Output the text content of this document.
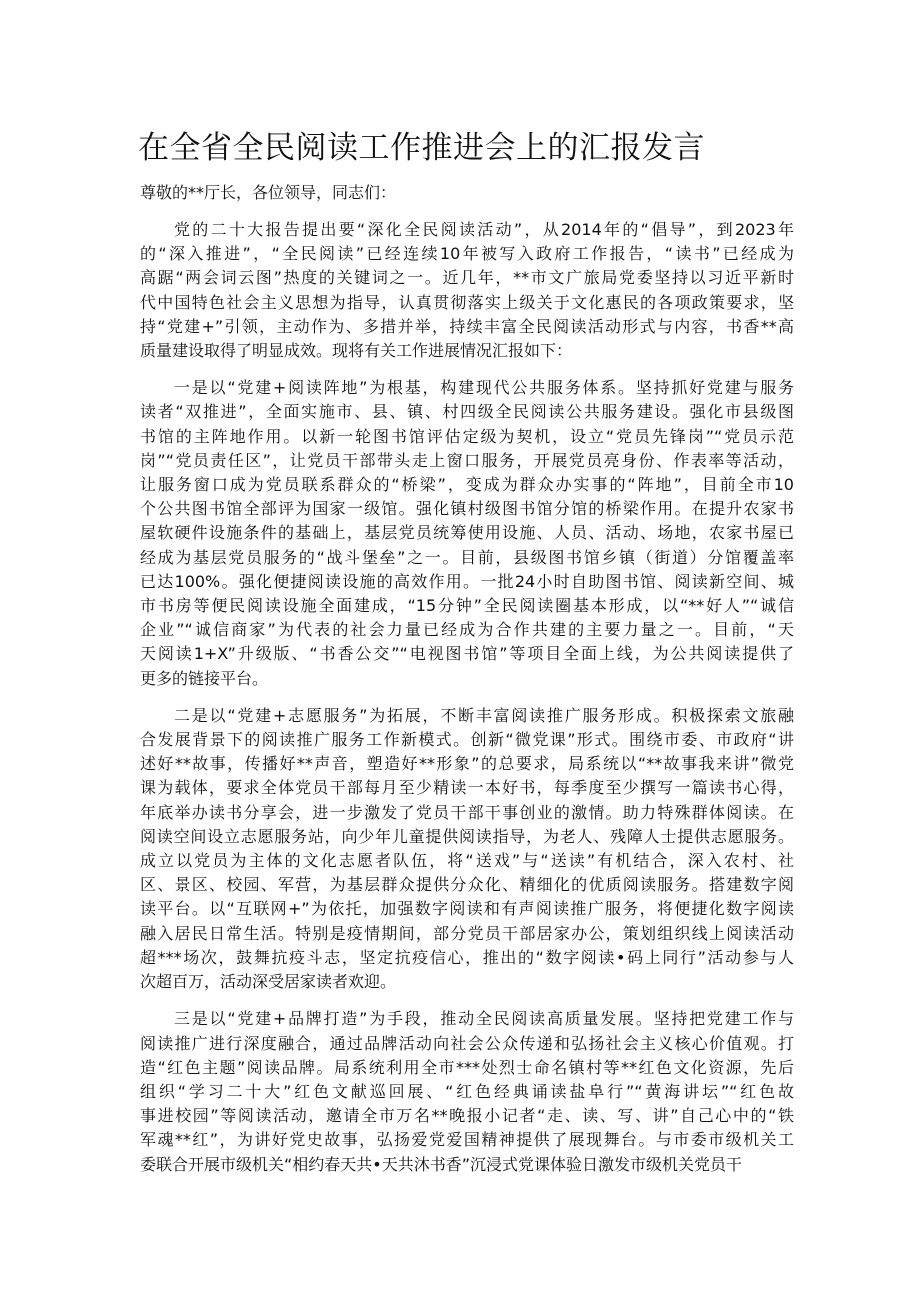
在全省全民阅读工作推进会上的汇报发言
尊敬的**厅长，各位领导，同志们：
党的二十大报告提出要“深化全民阅读活动”，从2014年的“倡导”，到2023年
的“深入推进”，“全民阅读”已经连续10年被写入政府工作报告，“读书”已经成为
高踞“两会词云图”热度的关键词之一。近几年，**市文广旅局党委坚持以习近平新时
代中国特色社会主义思想为指导，认真贯彻落实上级关于文化惠民的各项政策要求，坚
持“党建+”引领，主动作为、多措并举，持续丰富全民阅读活动形式与内容，书香**高
质量建设取得了明显成效。现将有关工作进展情况汇报如下：
一是以“党建+阅读阵地”为根基，构建现代公共服务体系。坚持抓好党建与服务
读者“双推进”，全面实施市、县、镇、村四级全民阅读公共服务建设。强化市县级图
书馆的主阵地作用。以新一轮图书馆评估定级为契机，设立“党员先锋岗”“党员示范
岗”“党员责任区”，让党员干部带头走上窗口服务，开展党员亮身份、作表率等活动，
让服务窗口成为党员联系群众的“桥梁”，变成为群众办实事的“阵地”，目前全市10
个公共图书馆全部评为国家一级馆。强化镇村级图书馆分馆的桥梁作用。在提升农家书
屋软硬件设施条件的基础上，基层党员统筹使用设施、人员、活动、场地，农家书屋已
经成为基层党员服务的“战斗堡垒”之一。目前，县级图书馆乡镇（街道）分馆覆盖率
已达100%。强化便捷阅读设施的高效作用。一批24小时自助图书馆、阅读新空间、城
市书房等便民阅读设施全面建成，“15分钟”全民阅读圈基本形成，以“**好人”“诚信
企业”“诚信商家”为代表的社会力量已经成为合作共建的主要力量之一。目前，“天
天阅读1+X”升级版、“书香公交”“电视图书馆”等项目全面上线，为公共阅读提供了
更多的链接平台。
二是以“党建+志愿服务”为拓展，不断丰富阅读推广服务形成。积极探索文旅融
合发展背景下的阅读推广服务工作新模式。创新“微党课”形式。围绕市委、市政府“讲
述好**故事，传播好**声音，塑造好**形象”的总要求，局系统以“**故事我来讲”微党
课为载体，要求全体党员干部每月至少精读一本好书，每季度至少撰写一篇读书心得，
年底举办读书分享会，进一步激发了党员干部干事创业的激情。助力特殊群体阅读。在
阅读空间设立志愿服务站，向少年儿童提供阅读指导，为老人、残障人士提供志愿服务。
成立以党员为主体的文化志愿者队伍，将“送戏”与“送读”有机结合，深入农村、社
区、景区、校园、军营，为基层群众提供分众化、精细化的优质阅读服务。搭建数字阅
读平台。以“互联网+”为依托，加强数字阅读和有声阅读推广服务，将便捷化数字阅读
融入居民日常生活。特别是疫情期间，部分党员干部居家办公，策划组织线上阅读活动
超***场次，鼓舞抗疫斗志，坚定抗疫信心，推出的“数字阅读•码上同行”活动参与人
次超百万，活动深受居家读者欢迎。
三是以“党建+品牌打造”为手段，推动全民阅读高质量发展。坚持把党建工作与
阅读推广进行深度融合，通过品牌活动向社会公众传递和弘扬社会主义核心价值观。打
造“红色主题”阅读品牌。局系统利用全市***处烈士命名镇村等**红色文化资源，先后
组织“学习二十大”红色文献巡回展、“红色经典诵读盐阜行”“黄海讲坛”“红色故
事进校园”等阅读活动，邀请全市万名**晚报小记者“走、读、写、讲”自己心中的“铁
军魂**红”，为讲好党史故事，弘扬爱党爱国精神提供了展现舞台。与市委市级机关工
委联合开展市级机关“相约春天共•天共沐书香”沉浸式党课体验日激发市级机关党员干
